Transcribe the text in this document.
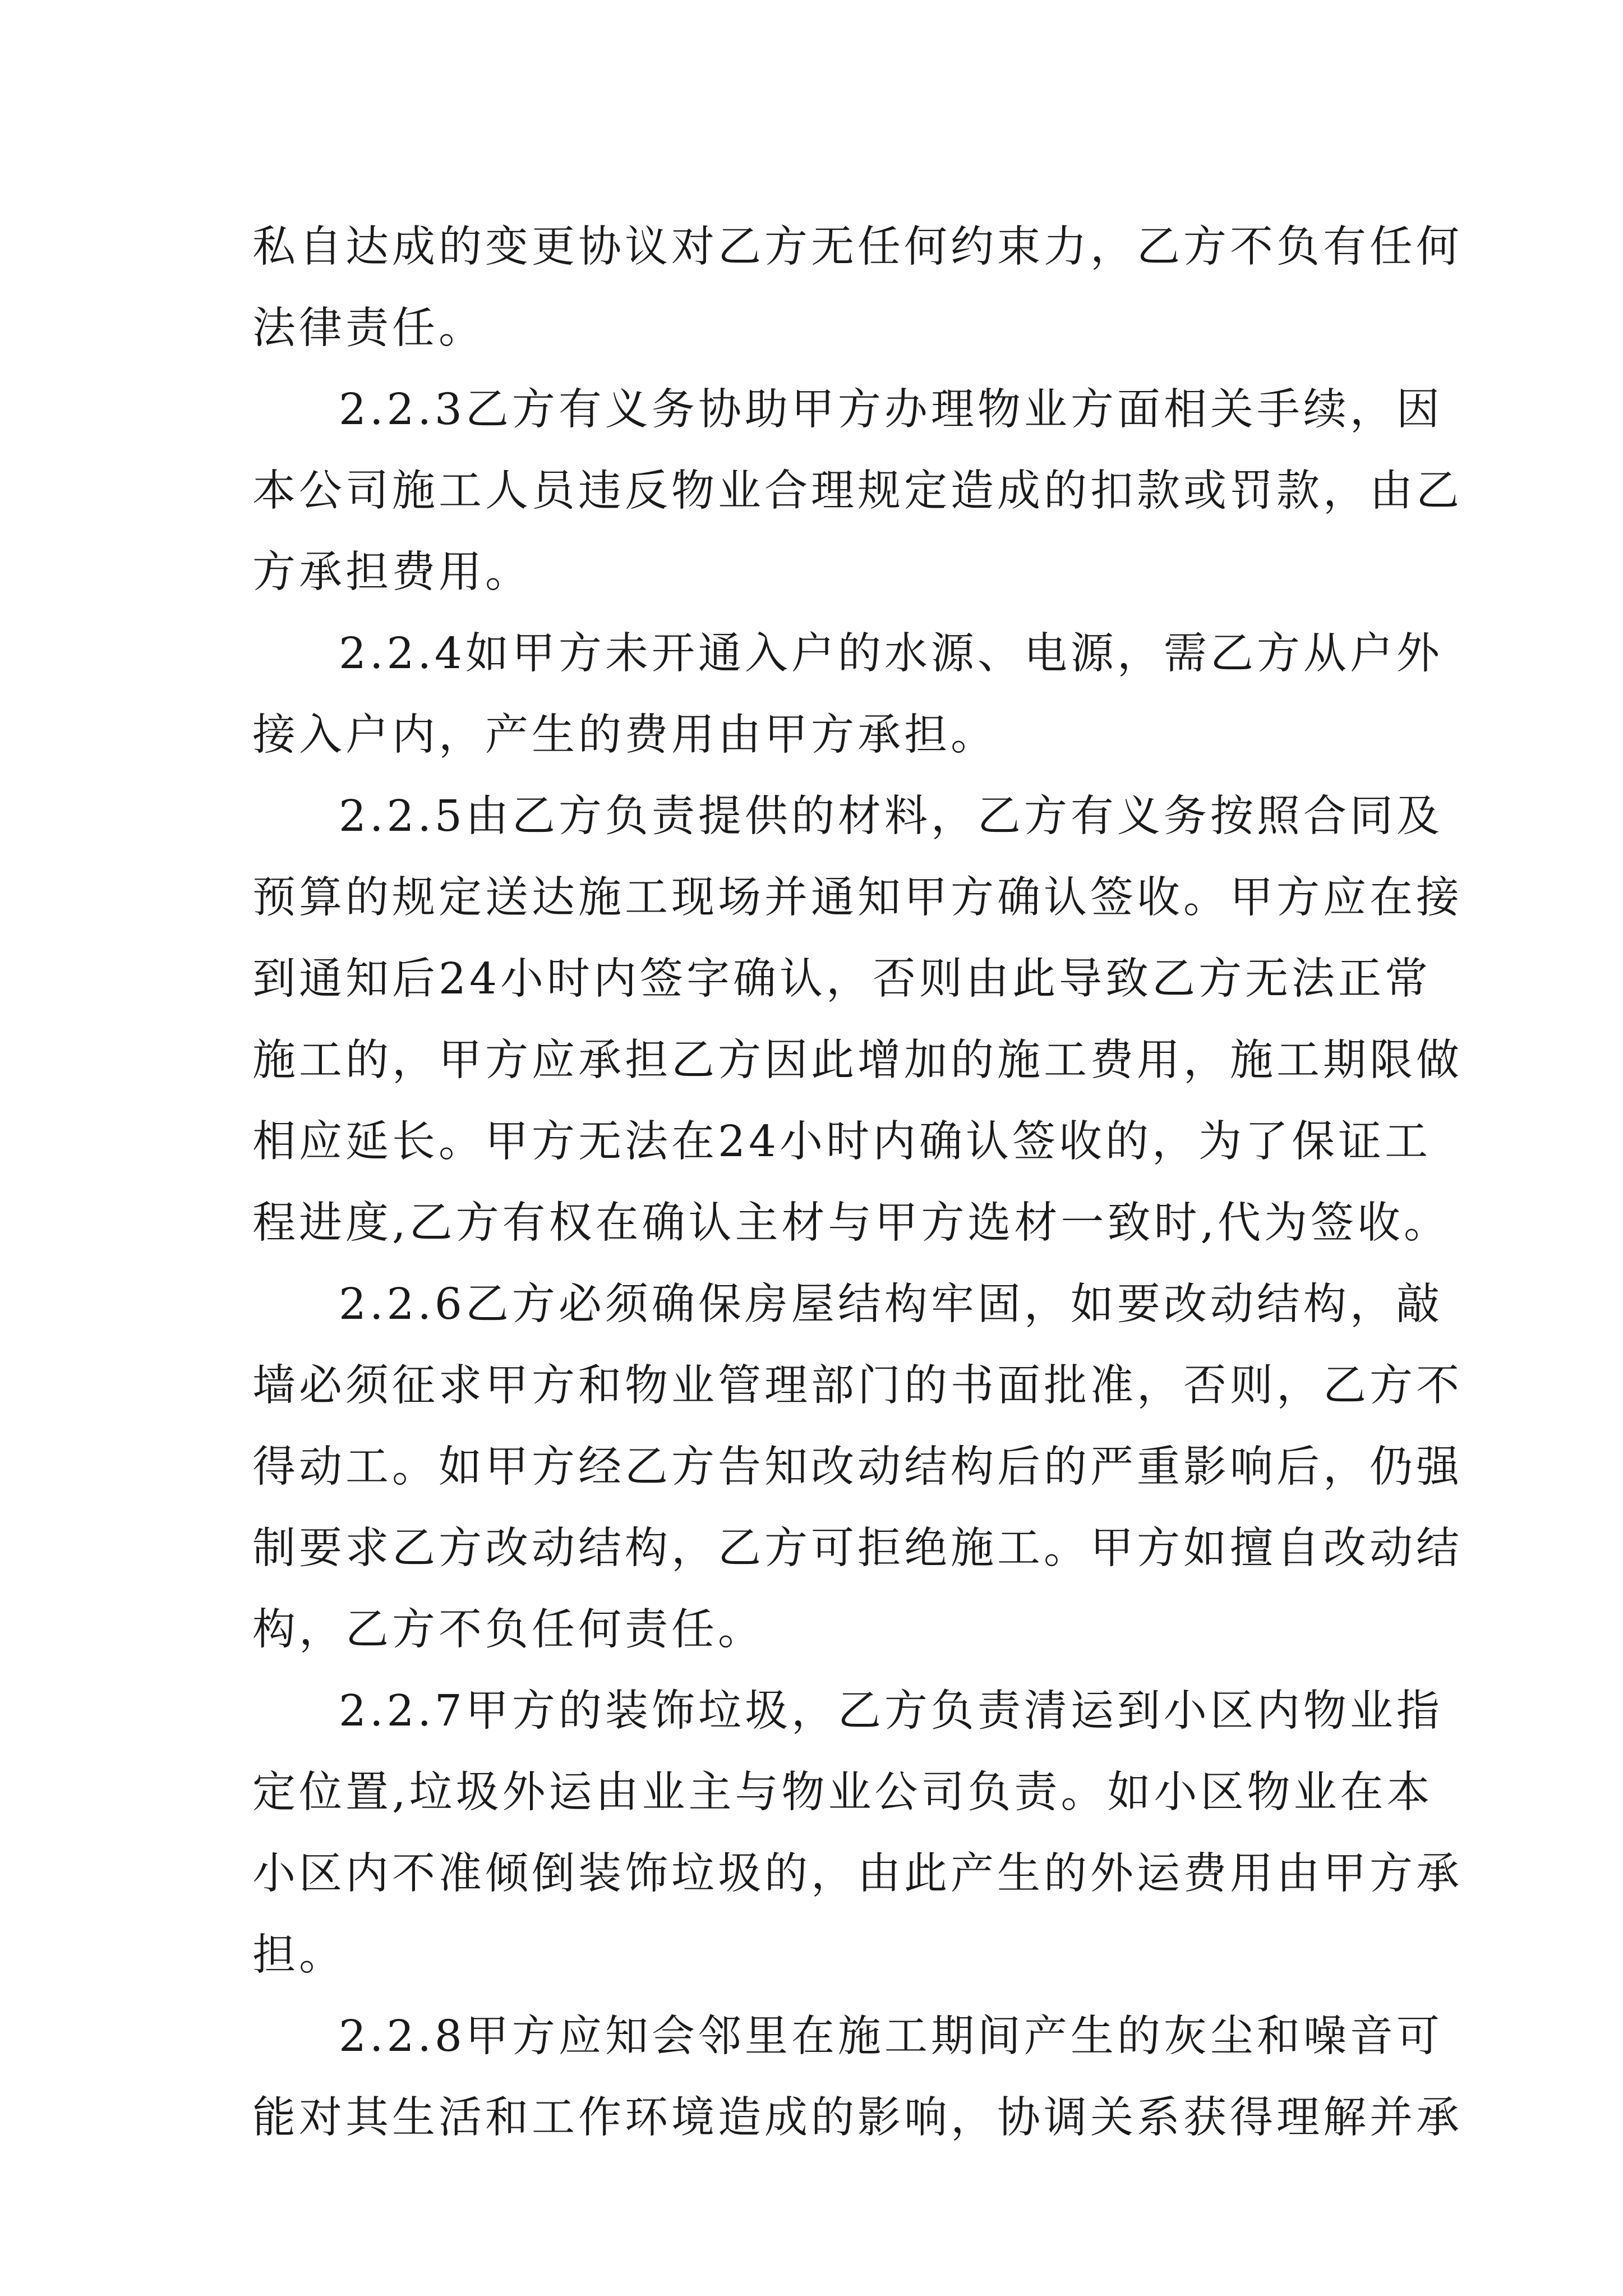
私自达成的变更协议对乙方无任何约束力，乙方不负有任何
法律责任。
2.2.3乙方有义务协助甲方办理物业方面相关手续，因
本公司施工人员违反物业合理规定造成的扣款或罚款，由乙
方承担费用。
2.2.4如甲方未开通入户的水源、电源，需乙方从户外
接入户内，产生的费用由甲方承担。
2.2.5由乙方负责提供的材料，乙方有义务按照合同及
预算的规定送达施工现场并通知甲方确认签收。甲方应在接
到通知后24小时内签字确认，否则由此导致乙方无法正常
施工的，甲方应承担乙方因此增加的施工费用，施工期限做
相应延长。甲方无法在24小时内确认签收的，为了保证工
程进度,乙方有权在确认主材与甲方选材一致时,代为签收。
2.2.6乙方必须确保房屋结构牢固，如要改动结构，敲
墙必须征求甲方和物业管理部门的书面批准，否则，乙方不
得动工。如甲方经乙方告知改动结构后的严重影响后，仍强
制要求乙方改动结构，乙方可拒绝施工。甲方如擅自改动结
构，乙方不负任何责任。
2.2.7甲方的装饰垃圾，乙方负责清运到小区内物业指
定位置,垃圾外运由业主与物业公司负责。如小区物业在本
小区内不准倾倒装饰垃圾的，由此产生的外运费用由甲方承
担。
2.2.8甲方应知会邻里在施工期间产生的灰尘和噪音可
能对其生活和工作环境造成的影响，协调关系获得理解并承
